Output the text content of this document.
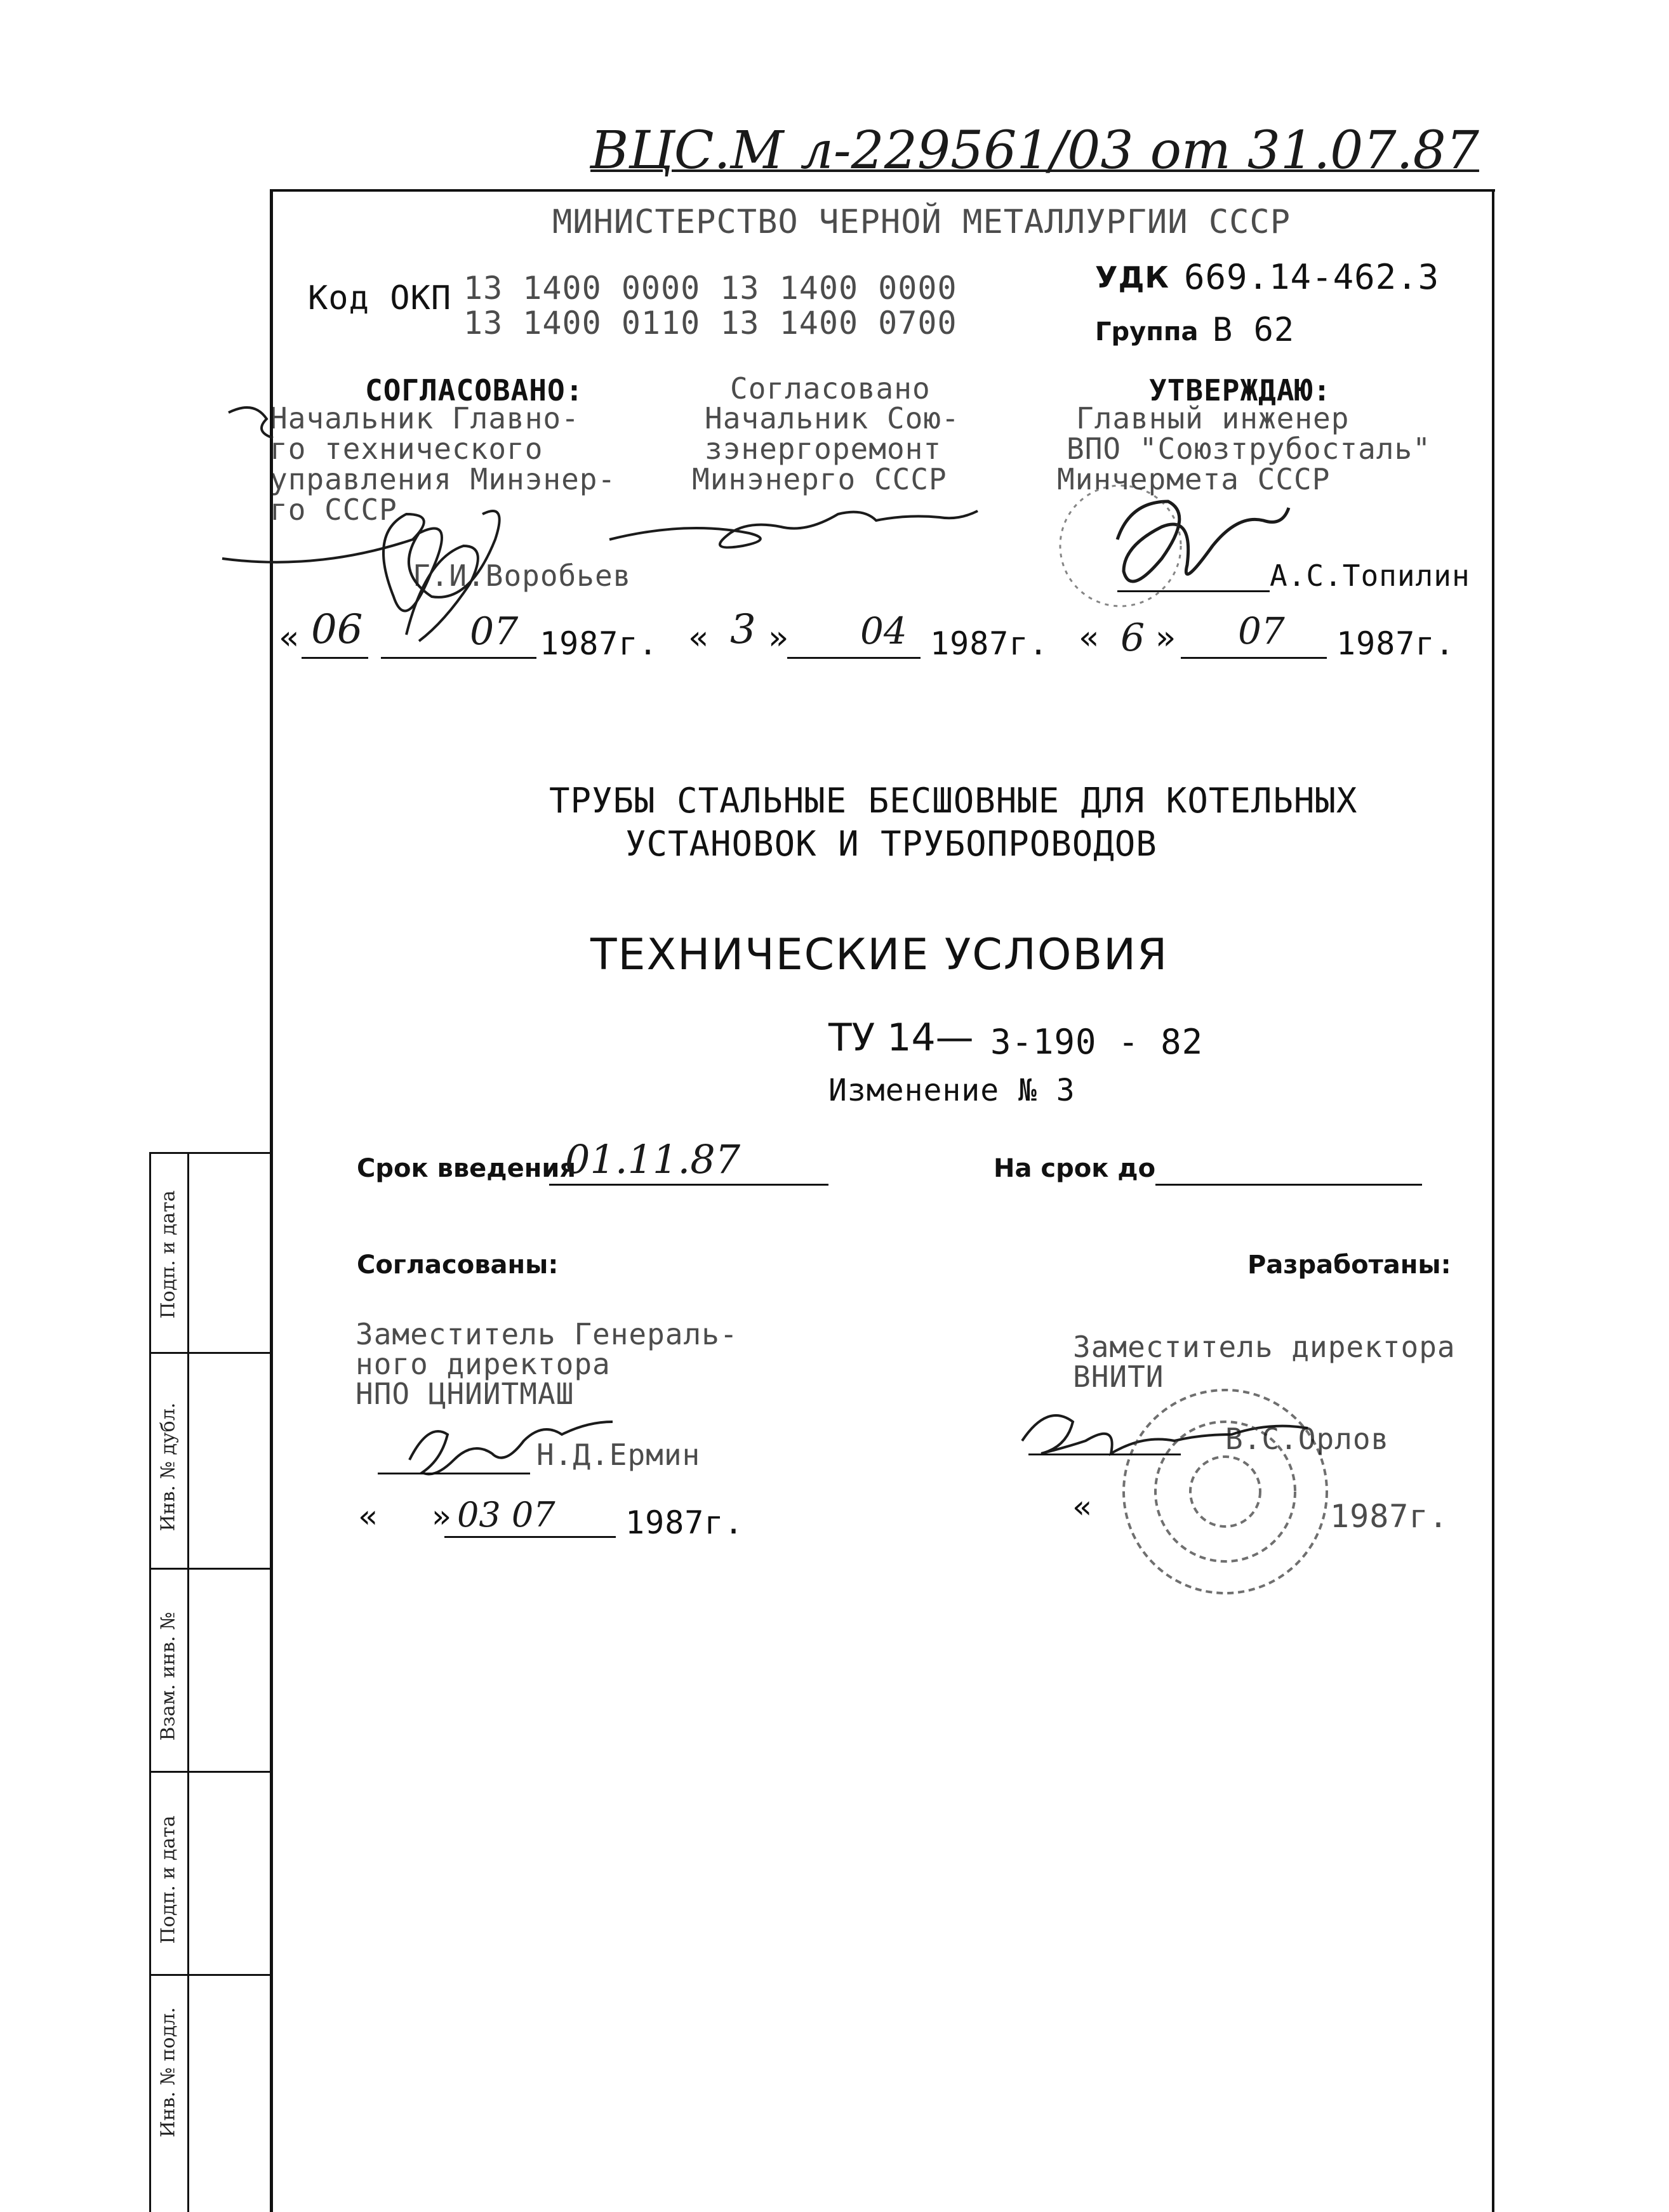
Подп. и дата
Инв. № дубл.
Взам. инв. №
Подп. и дата
Инв. № подл.
ВЦС.М л-229561/03 от 31.07.87
МИНИСТЕРСТВО ЧЕРНОЙ МЕТАЛЛУРГИИ СССР
УДК 669.14-462.3
Код ОКП 13 1400 0000 13 1400 0000
13 1400 0110 13 1400 0700	Группа В 62
СОГЛАСОВАНО:
Начальник Главно-
го технического
управления Минэнер-
го СССР
Г.И.Воробьев
« 06	07 1987г.
Согласовано
Начальник Сою-
зэнергоремонт
Минэнерго СССР
« 3 » 04 1987г.
УТВЕРЖДАЮ:
Главный инженер
ВПО "Союзтрубосталь"
Минчермета СССР
А.С.Топилин
« 6 » 07 1987г.
ТРУБЫ СТАЛЬНЫЕ БЕСШОВНЫЕ ДЛЯ КОТЕЛЬНЫХ
УСТАНОВОК И ТРУБОПРОВОДОВ
ТЕХНИЧЕСКИЕ УСЛОВИЯ
ТУ 14— 3-190 - 82
Изменение № 3
Срок введения
01.11.87	На срок до
Согласованы:	Разработаны:
Заместитель Генераль-
ного директора
НПО ЦНИИТМАШ
Н.Д.Ермин
« » 03 07 1987г.
Заместитель директора
ВНИТИ
В.С.Орлов
«	1987г.
